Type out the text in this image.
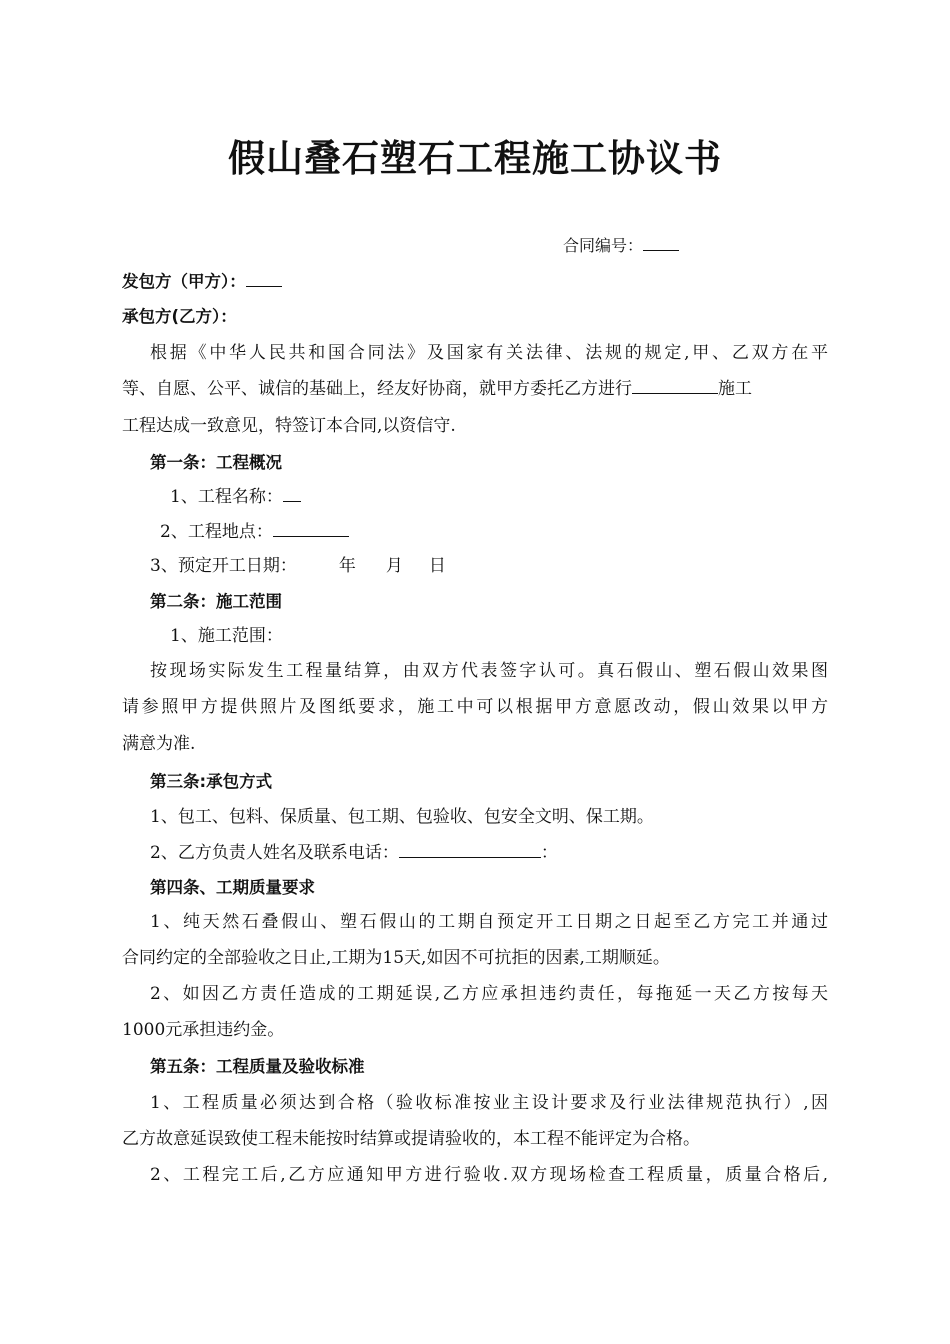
假山叠石塑石工程施工协议书
合同编号：
发包方（甲方）：
承包方(乙方）：
根据《中华人民共和国合同法》及国家有关法律、法规的规定,甲、乙双方在平
等、自愿、公平、诚信的基础上，经友好协商，就甲方委托乙方进行	施工
工程达成一致意见，特签订本合同,以资信守.
第一条：工程概况
1、工程名称：
2、工程地点：
3、预定开工日期： 年 月 日
第二条：施工范围
1、施工范围：
按现场实际发生工程量结算，由双方代表签字认可。真石假山、塑石假山效果图
请参照甲方提供照片及图纸要求，施工中可以根据甲方意愿改动，假山效果以甲方
满意为准.
第三条:承包方式
1、包工、包料、保质量、包工期、包验收、包安全文明、保工期。
2、乙方负责人姓名及联系电话：	：
第四条、工期质量要求
1、纯天然石叠假山、塑石假山的工期自预定开工日期之日起至乙方完工并通过
合同约定的全部验收之日止,工期为15天,如因不可抗拒的因素,工期顺延。
2、如因乙方责任造成的工期延误,乙方应承担违约责任，每拖延一天乙方按每天
1000元承担违约金。
第五条：工程质量及验收标准
1、工程质量必须达到合格（验收标准按业主设计要求及行业法律规范执行）,因
乙方故意延误致使工程未能按时结算或提请验收的，本工程不能评定为合格。
2、工程完工后,乙方应通知甲方进行验收.双方现场检查工程质量，质量合格后,
